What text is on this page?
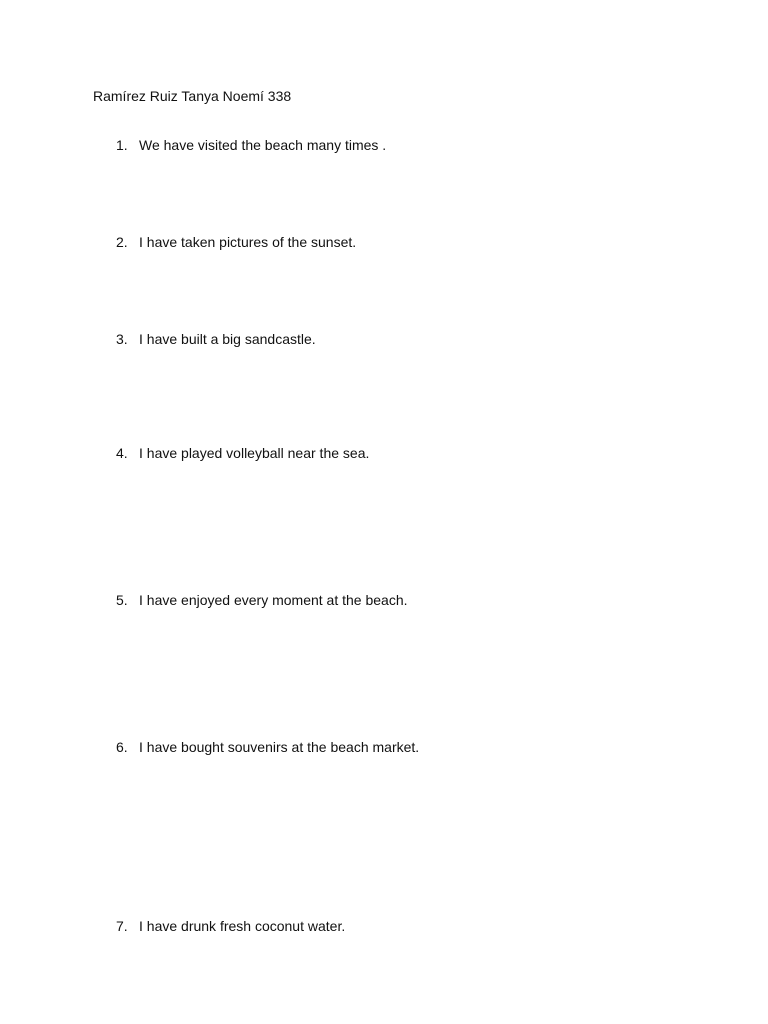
Ramírez Ruiz Tanya Noemí 338
1. We have visited the beach many times .
2. I have taken pictures of the sunset.
3. I have built a big sandcastle.
4. I have played volleyball near the sea.
5. I have enjoyed every moment at the beach.
6. I have bought souvenirs at the beach market.
7. I have drunk fresh coconut water.
